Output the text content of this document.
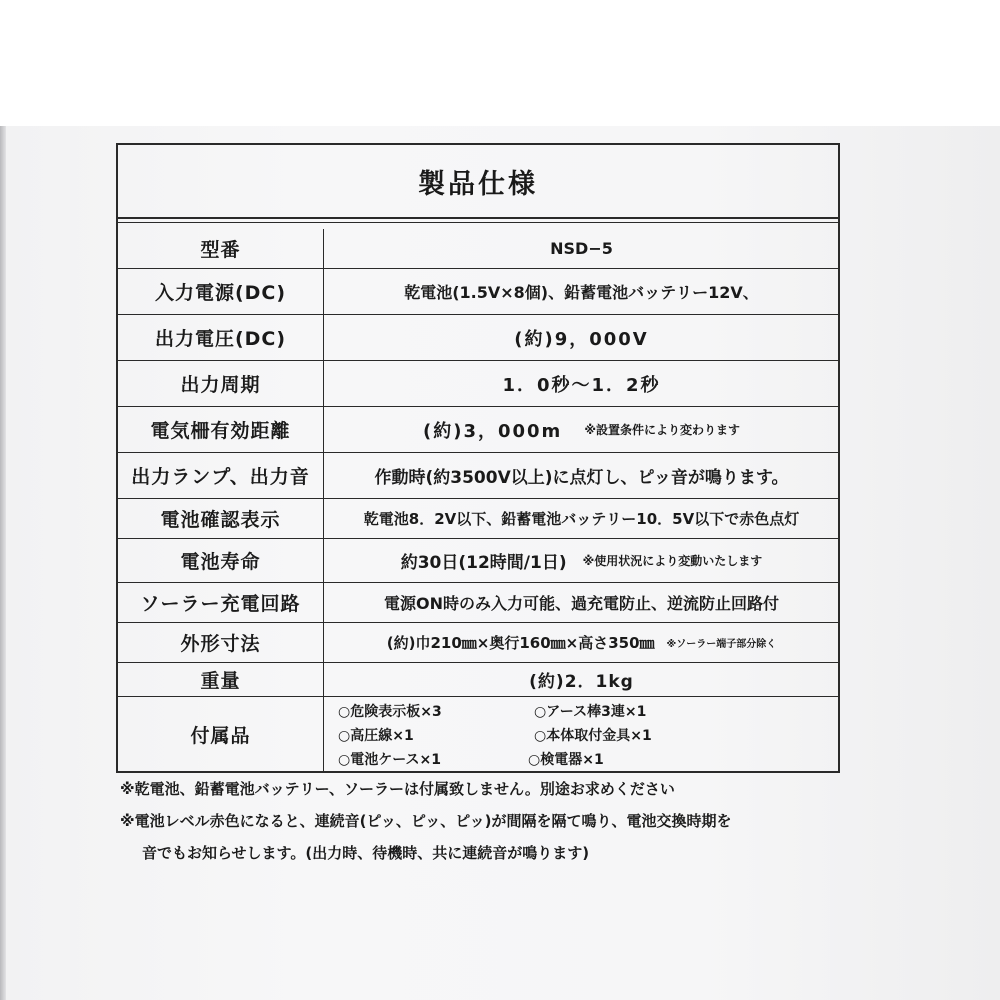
製品仕様
型番	NSD−5
入力電源(DC)	乾電池(1.5V×8個)、鉛蓄電池バッテリー12V、
出力電圧(DC)	(約)9，000V
出力周期	1．0秒〜1．2秒
電気柵有効距離	(約)3，000m ※設置条件により変わります
出力ランプ、出力音	作動時(約3500V以上)に点灯し、ピッ音が鳴ります。
電池確認表示	乾電池8．2V以下、鉛蓄電池バッテリー10．5V以下で赤色点灯
電池寿命	約30日(12時間/1日) ※使用状況により変動いたします
ソーラー充電回路	電源ON時のみ入力可能、過充電防止、逆流防止回路付
外形寸法	(約)巾210㎜×奥行160㎜×高さ350㎜ ※ソーラー端子部分除く
重量	(約)2．1kg
付属品
○危険表示板×3	○アース棒3連×1
○高圧線×1	○本体取付金具×1
○電池ケース×1	○検電器×1
※乾電池、鉛蓄電池バッテリー、ソーラーは付属致しません。別途お求めください
※電池レベル赤色になると、連続音(ピッ、ピッ、ピッ)が間隔を隔て鳴り、電池交換時期を
音でもお知らせします。(出力時、待機時、共に連続音が鳴ります)
